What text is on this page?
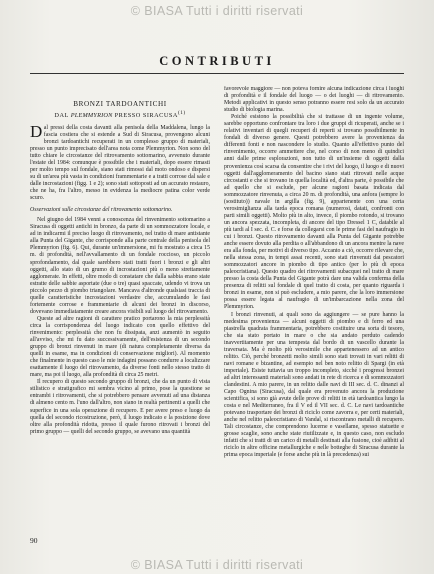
© BIASA Tutti i diritti riservati
CONTRIBUTI
BRONZI TARDOANTICHI
DAL PLEMMYRION PRESSO SIRACUSA$^{(1)}$

Dal pressi della costa davanti alla penisola della Maddalena, lungo la fascia costiera che si estende a Sud di Siracusa, provengono alcuni bronzi tardoantichi recuperati in un complesso gruppo di materiali, presso un punto imprecisato dell'area nota come Plemmyrion. Non sono del tutto chiare le circostanze del ritrovamento sottomarino, avvenuto durante l'estate del 1984: comunque è possibile che i materiali, dopo essere rimasti per molto tempo sul fondale, siano stati rimossi dal moto ondoso e dispersi su di un'area più vasta in condizioni frammentarie e a tratti corrose dal sale e dalle incrostazioni (figg. 1 e 2); sono stati sottoposti ad un accurato restauro, che ne ha, fra l'altro, messo in evidenza la mediocre patina color verde scuro.

Osservazioni sulle circostanze del ritrovamento sottomarino.

Nel giugno del 1984 venni a conoscenza del rinvenimento sottomarino a Siracusa di oggetti antichi in bronzo, da parte di un sommozzatore locale, e ad in indicarmi il preciso luogo di ritrovamento, nel tratto di mare antistante alla Punta del Gigante, che corrisponde alla parte centrale della penisola del Plemmyrion (fig. 6). Qui, durante un'immersione, mi fu mostrato a circa 15 m. di profondità, nell'avvallamento di un fondale roccioso, un piccolo sprofondamento, dal quale sarebbero stati tratti fuori i bronzi e gli altri oggetti, allo stato di un grumo di incrostazioni più o meno strettamente agglomerate. In effetti, oltre modo di constatare che dalla sabbia erano state estratte delle sabbie asportate (due o tre) quasi spaccate, udendo vi trova un piccolo pezzo di piombo triangolare. Mancava d'altronde qualsiasi traccia di quelle caratteristiche incrostazioni verdastre che, accumulando le fasi fortemente corrose e frammentarie di alcuni dei bronzi in discorso, dovevano immediatamente creare ancora visibili sul luogo del ritrovamento.

Queste ad altre ragioni di carattere pratico portarono la mia perplessità circa la corrispondenza del luogo indicato con quello effettivo del rinvenimento: perplessità che non fu dissipata, anzi aumentò in seguito all'avviso, che mi fu dato successivamente, dell'esistenza di un secondo gruppo di bronzi rinvenuti in mare (di natura completamente diversa da quelli in esame, ma in condizioni di conservazione migliori). Al momento che finalmente in questo caso le mie indagini possano condurre a localizzare esattamente il luogo del ritrovamento, da diverse fonti nello stesso tratto di mare, ma poi il luogo, alla profondità di circa 25 metri.

Il recupero di questo secondo gruppo di bronzi, che da un punto di vista stilistico e stratigrafico mi sembra vicino al primo, pose la questione se entrambi i ritrovamenti, che si potrebbero pensare avvenuti ad una distanza di almeno cento m. l'uno dall'altro, non siano in realtà pertinenti a quelli che superfice in una sola operazione di recupero. E per avere preso e luogo da quella del secondo ricostruzione, però, il luogo indicato e la posizione dove oltre alla profondità ridotta, presso il quale furono ritrovati i bronzi del primo gruppo — quelli del secondo gruppo, se avevano una quantità

favorevole maggiore — non poteva fornire alcuna indicazione circa i luoghi di profondità e il fondale del luogo — o dei luoghi — di ritrovamento. Metodi applicativi in questo senso potranno essere resi solo da un accurato studio di biologia marina.

Poiché esistono la possibilità che si trattasse di un ingente volume, sarebbe opportuno confrontare tra loro i due gruppi di ricuperati, anche se i relativi inventari di quegli recuperi di reperti si trovano possibilmente in fondali di diverso genere. Questi potrebbero avere la provenienza da differenti fonti e non nascondere lo studio. Quanto all'effettivo punto del rinvenimento, occorre ammettere che, nel corso di non meno di quindici anni dalle prime esplorazioni, non tutto di un'insieme di oggetti dalla provenienza così scarsa da consentire che i rivi del luogo, il luogo e di nuovi oggetti dall'agglomeramento del bacino siano stati ritrovati nelle acque circostanti e che si trovano in quella località ed, d'altra parte, è possibile che ad quello che si esclude, per alcune ragioni basata indicata dal sommozzatore rinvenuta, a circa 20 m. di profondità, una anfora (sempre lo (sostituto)) navale in argilla (fig. 9), appartenente con una certa verosimiglianza alla tarda epoca romana (numerosi, datati, confronti con parti simili oggetti). Molto più in alto, invece, il piombo rotondo, si trovano un ancora spezzata, incompleta, di ancore del tipo Dressel 1 C, databile al più tardi al I sec. d. C. e forse da collegarsi con le prime fasi del naufragio in cui i bronzi. Questo ritrovamento davanti alla Punta del Gigante potrebbe anche essere dovuto alla perdita o all'abbandono di un ancora mentre la nave era alla fonda, per motivi di diverso tipo. Accanto a ciò, occorre rilevare che, nella stessa zona, in tempi assai recenti, sono stati rinvenuti dai pescatori sommozzatori ancore in piombo di tipo antico (per lo più di epoca paleocristiana). Questo quadro dei ritrovamenti subacquei nel tratto di mare presso la costa della Punta del Gigante potrà dare una valida conferma della presenza di relitti sul fondale di quel tratto di costa, per quanto riguarda i bronzi in esame, non si può escludere, a mio parere, che la loro immersione possa essere legata al naufragio di un'imbarcazione nella zona del Plemmyrion.

I bronzi rinvenuti, ai quali sono da aggiungere — se pure hanno la medesima provenienza — alcuni oggetti di piombo e di ferro ed una piastrella quadrata frammentaria, potrebbero costituire una sorta di tesoro, che sia stato portato in mare o che sia andato perduto cadendo inavvertitamente per una tempesta dal bordo di un vascello durante la traversata. Ma è molto più verosimile che appartenessero ad un antico relitto. Ciò, perché bronzetti molto simili sono stati trovati in vari relitti di navi romane e bizantine, ad esempio nel ben noto relitto di Spargi (in età imperiale). Esiste tuttavia un troppo incompleto, sicché i progressi bronzei ad altri interessanti materiali sono andati in rete di ricerca e di sommozzatori clandestini. A mio parere, in un relitto dalle navi di III sec. d. C. dinanzi al Capo Ognina (Siracusa), dal quale era provenuto ancora la produzione scientifica, si sono già avute delle prove di relitti in età tardoantica lungo la costa e nel Mediterraneo, fra il V ed il VII sec. d. C. Le navi tardoantiche potevano trasportare dei bronzi di riciclo come zavorra e, per certi materiali, anche nel relitto paleocristiano di Vandal, si riscontrano metalli di recupero. Tali circostanze, che comprendono lucerne e vasellame, spesso statuette e grosse scaglie, sono anche state riutilizzate e, in questo caso, non escludo infatti che si tratti di un carico di metalli destinati alla fusione, cioè adibiti al riciclo in altre officine metallurgiche e nelle botteghe di Siracusa durante la prima epoca imperiale (e forse anche più in là precedenza) sui

90
© BIASA Tutti i diritti riservati
